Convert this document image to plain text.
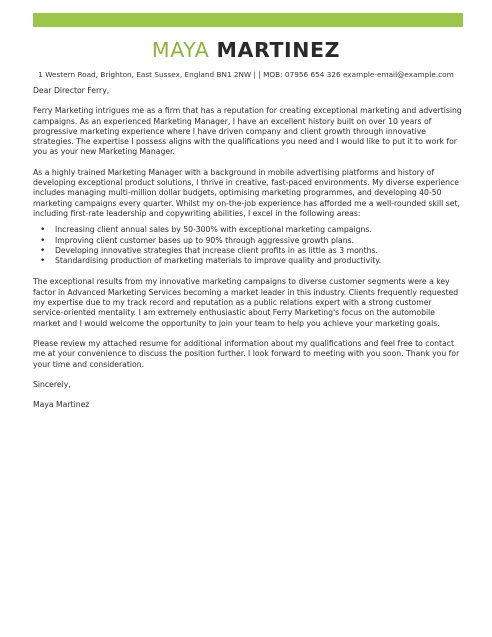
MAYA MARTINEZ
1 Western Road, Brighton, East Sussex, England BN1 2NW | | MOB: 07956 654 326 example-email@example.com

Dear Director Ferry,

Ferry Marketing intrigues me as a firm that has a reputation for creating exceptional marketing and advertising campaigns. As an experienced Marketing Manager, I have an excellent history built on over 10 years of progressive marketing experience where I have driven company and client growth through innovative strategies. The expertise I possess aligns with the qualifications you need and I would like to put it to work for you as your new Marketing Manager.

As a highly trained Marketing Manager with a background in mobile advertising platforms and history of developing exceptional product solutions, I thrive in creative, fast-paced environments. My diverse experience includes managing multi-million dollar budgets, optimising marketing programmes, and developing 40-50 marketing campaigns every quarter. Whilst my on-the-job experience has afforded me a well-rounded skill set, including first-rate leadership and copywriting abilities, I excel in the following areas:

• Increasing client annual sales by 50-300% with exceptional marketing campaigns.
• Improving client customer bases up to 90% through aggressive growth plans.
• Developing innovative strategies that increase client profits in as little as 3 months.
• Standardising production of marketing materials to improve quality and productivity.

The exceptional results from my innovative marketing campaigns to diverse customer segments were a key factor in Advanced Marketing Services becoming a market leader in this industry. Clients frequently requested my expertise due to my track record and reputation as a public relations expert with a strong customer service-oriented mentality. I am extremely enthusiastic about Ferry Marketing's focus on the automobile market and I would welcome the opportunity to join your team to help you achieve your marketing goals.

Please review my attached resume for additional information about my qualifications and feel free to contact me at your convenience to discuss the position further. I look forward to meeting with you soon. Thank you for your time and consideration.

Sincerely,

Maya Martinez
